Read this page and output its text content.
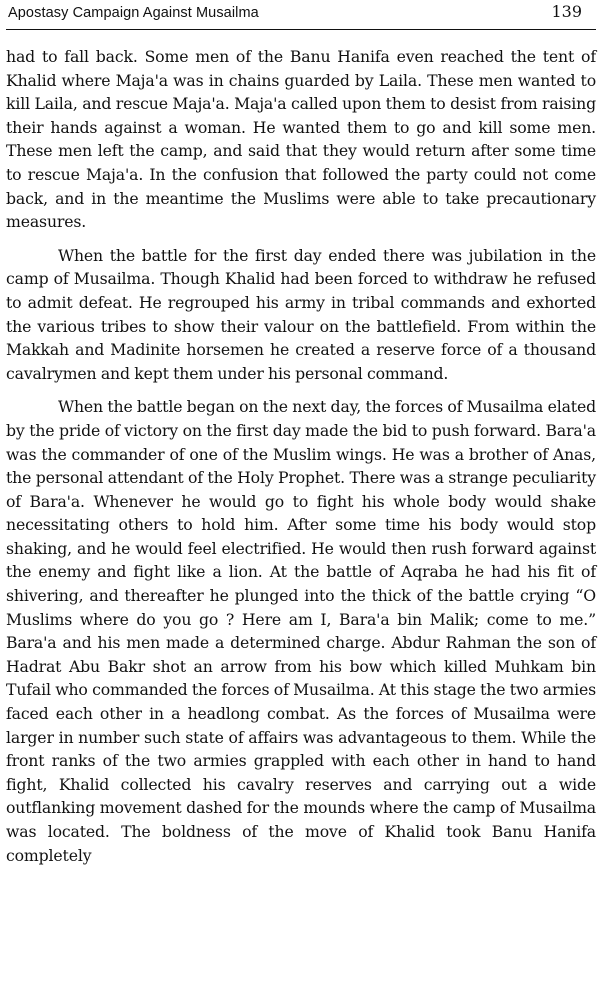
Apostasy Campaign Against Musailma	139

had to fall back. Some men of the Banu Hanifa even reached the tent of Khalid where Maja'a was in chains guarded by Laila. These men wanted to kill Laila, and rescue Maja'a. Maja'a called upon them to desist from raising their hands against a woman. He wanted them to go and kill some men. These men left the camp, and said that they would return after some time to rescue Maja'a. In the confusion that followed the party could not come back, and in the meantime the Muslims were able to take precautionary measures.

When the battle for the first day ended there was jubilation in the camp of Musailma. Though Khalid had been forced to withdraw he refused to admit defeat. He regrouped his army in tribal commands and exhorted the various tribes to show their valour on the battlefield. From within the Makkah and Madinite horsemen he created a reserve force of a thousand cavalrymen and kept them under his personal command.

When the battle began on the next day, the forces of Musailma elated by the pride of victory on the first day made the bid to push forward. Bara'a was the commander of one of the Muslim wings. He was a brother of Anas, the personal attendant of the Holy Prophet. There was a strange peculiarity of Bara'a. Whenever he would go to fight his whole body would shake necessitating others to hold him. After some time his body would stop shaking, and he would feel electrified. He would then rush forward against the enemy and fight like a lion. At the battle of Aqraba he had his fit of shivering, and thereafter he plunged into the thick of the battle crying “O Muslims where do you go ? Here am I, Bara'a bin Malik; come to me.” Bara'a and his men made a determined charge. Abdur Rahman the son of Hadrat Abu Bakr shot an arrow from his bow which killed Muhkam bin Tufail who commanded the forces of Musailma. At this stage the two armies faced each other in a headlong combat. As the forces of Musailma were larger in number such state of affairs was advantageous to them. While the front ranks of the two armies grappled with each other in hand to hand fight, Khalid collected his cavalry reserves and carrying out a wide outflanking movement dashed for the mounds where the camp of Musailma was located. The boldness of the move of Khalid took Banu Hanifa completely
